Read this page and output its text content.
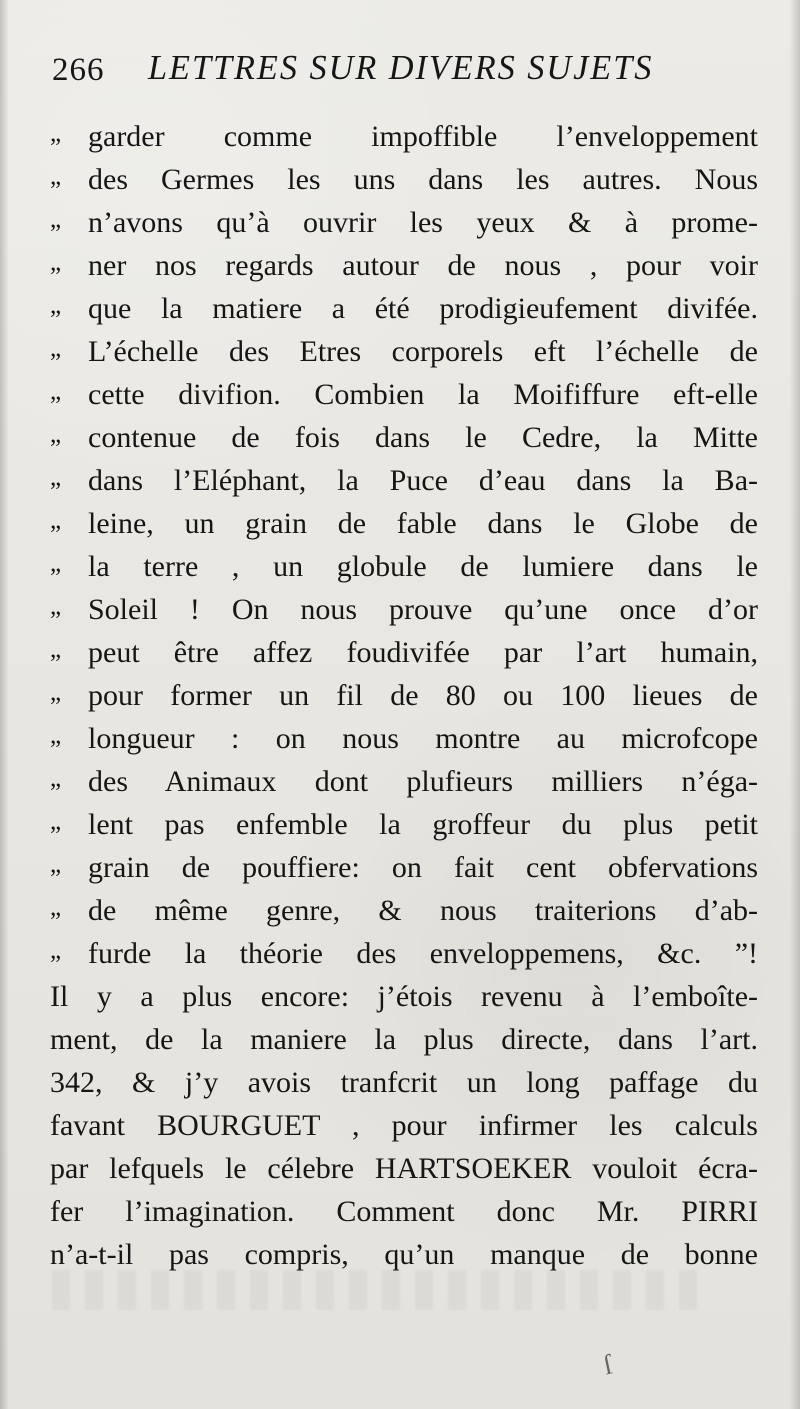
266 LETTRES SUR DIVERS SUJETS
„ garder comme impoffible l’enveloppement
„ des Germes les uns dans les autres. Nous
„ n’avons qu’à ouvrir les yeux & à prome-
„ ner nos regards autour de nous , pour voir
„ que la matiere a été prodigieufement divifée.
„ L’échelle des Etres corporels eft l’échelle de
„ cette divifion. Combien la Moififfure eft-elle
„ contenue de fois dans le Cedre, la Mitte
„ dans l’Eléphant, la Puce d’eau dans la Ba-
„ leine, un grain de fable dans le Globe de
„ la terre , un globule de lumiere dans le
„ Soleil ! On nous prouve qu’une once d’or
„ peut être affez foudivifée par l’art humain,
„ pour former un fil de 80 ou 100 lieues de
„ longueur : on nous montre au microfcope
„ des Animaux dont plufieurs milliers n’éga-
„ lent pas enfemble la groffeur du plus petit
„ grain de pouffiere: on fait cent obfervations
„ de même genre, & nous traiterions d’ab-
„ furde la théorie des enveloppemens, &c. ”!
Il y a plus encore: j’étois revenu à l’emboîte-
ment, de la maniere la plus directe, dans l’art.
342, & j’y avois tranfcrit un long paffage du
favant BOURGUET , pour infirmer les calculs
par lefquels le célebre HARTSOEKER vouloit écra-
fer l’imagination. Comment donc Mr. PIRRI
n’a-t-il pas compris, qu’un manque de bonne
ſ
